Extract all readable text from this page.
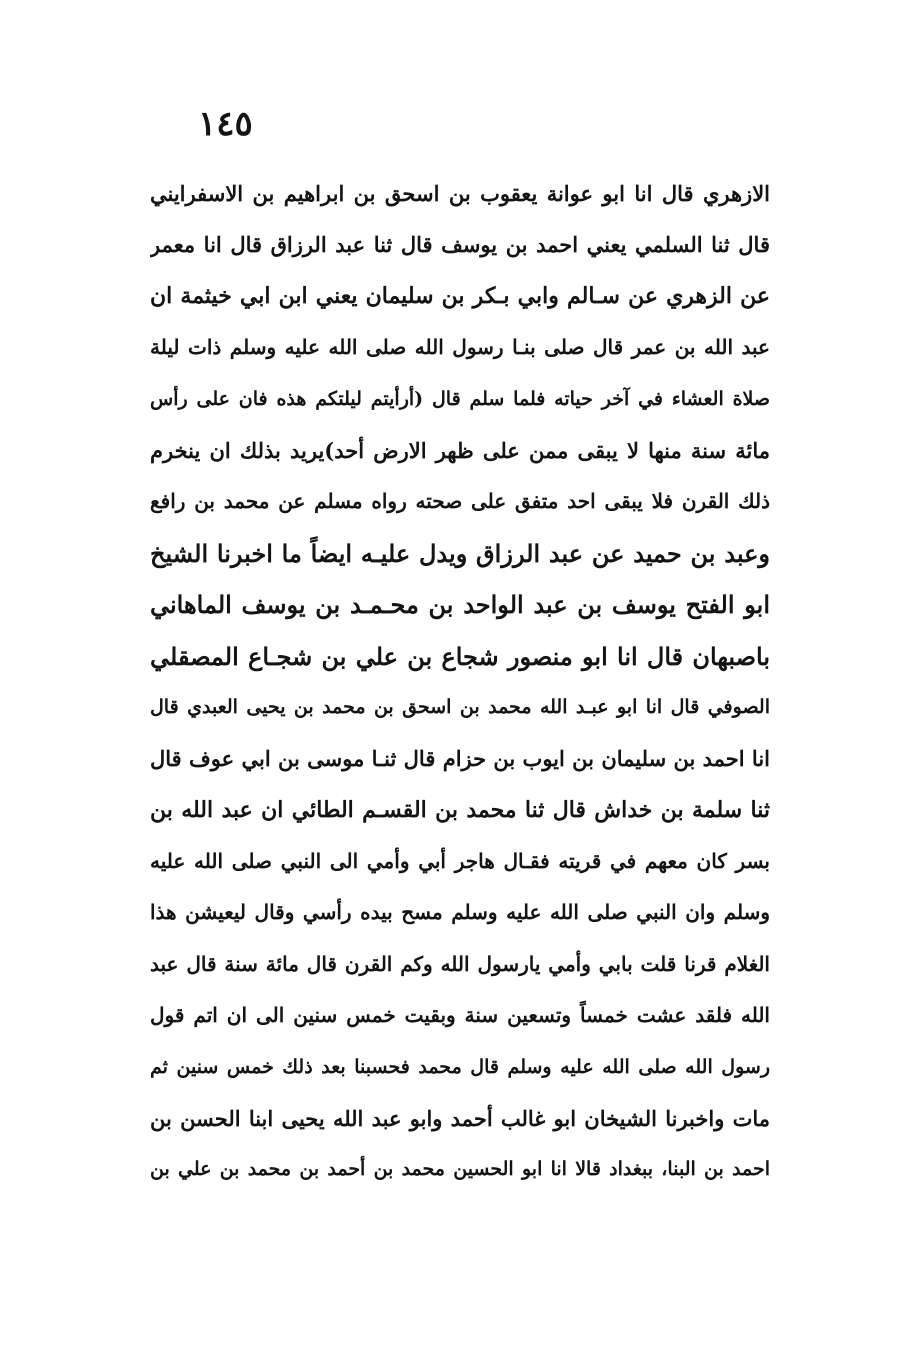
١٤٥
الازهري قال انا ابو عوانة يعقوب بن اسحق بن ابراهيم بن الاسفرايني
قال ثنا السلمي يعني احمد بن يوسف قال ثنا عبد الرزاق قال انا معمر
عن الزهري عن سـالم وابي بـكر بن سليمان يعني ابن ابي خيثمة ان
عبد الله بن عمر قال صلى بنـا رسول الله صلى الله عليه وسلم ذات ليلة
صلاة العشاء في آخر حياته فلما سلم قال (أرأيتم ليلتكم هذه فان على رأس
مائة سنة منها لا يبقى ممن على ظهر الارض أحد)يريد بذلك ان ينخرم
ذلك القرن فلا يبقى احد متفق على صحته رواه مسلم عن محمد بن رافع
وعبد بن حميد عن عبد الرزاق ويدل عليـه ايضاً ما اخبرنا الشيخ
ابو الفتح يوسف بن عبد الواحد بن محـمـد بن يوسف الماهاني
باصبهان قال انا ابو منصور شجاع بن علي بن شجـاع المصقلي
الصوفي قال انا ابو عبـد الله محمد بن اسحق بن محمد بن يحيى العبدي قال
انا احمد بن سليمان بن ايوب بن حزام قال ثنـا موسى بن ابي عوف قال
ثنا سلمة بن خداش قال ثنا محمد بن القسـم الطائي ان عبد الله بن
بسر كان معهم في قريته فقـال هاجر أبي وأمي الى النبي صلى الله عليه
وسلم وان النبي صلى الله عليه وسلم مسح بيده رأسي وقال ليعيشن هذا
الغلام قرنا قلت بابي وأمي يارسول الله وكم القرن قال مائة سنة قال عبد
الله فلقد عشت خمساً وتسعين سنة وبقيت خمس سنين الى ان اتم قول
رسول الله صلى الله عليه وسلم قال محمد فحسبنا بعد ذلك خمس سنين ثم
مات واخبرنا الشيخان ابو غالب أحمد وابو عبد الله يحيى ابنا الحسن بن
احمد بن البنا، ببغداد قالا انا ابو الحسين محمد بن أحمد بن محمد بن علي بن
